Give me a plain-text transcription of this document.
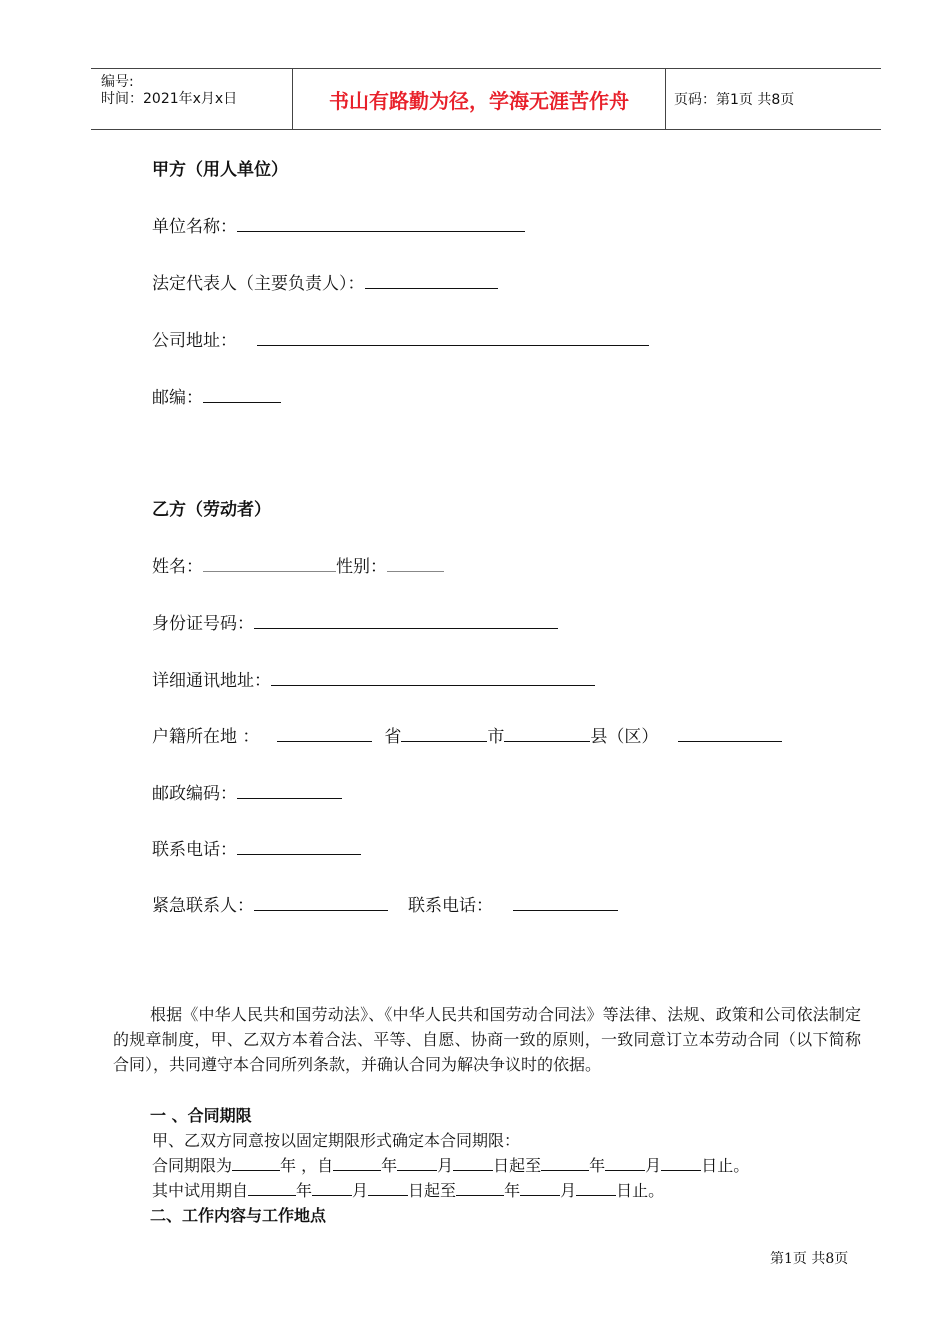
编号:
时间：2021年x月x日	书山有路勤为径，学海无涯苦作舟	页码：第1页 共8页
甲方（用人单位）
单位名称：
法定代表人（主要负责人）：
公司地址：
邮编：
乙方（劳动者）
姓名：	性别：
身份证号码：
详细通讯地址：
户籍所在地 ：	省	市	县（区）
邮政编码：
联系电话：
紧急联系人：	联系电话：
根据《中华人民共和国劳动法》、《中华人民共和国劳动合同法》等法律、法规、政策和公司依法制定的规章制度，甲、乙双方本着合法、平等、自愿、协商一致的原则，一致同意订立本劳动合同（以下简称合同），共同遵守本合同所列条款，并确认合同为解决争议时的依据。
一 、合同期限
甲、乙双方同意按以固定期限形式确定本合同期限：
合同期限为	年 ，自	年	月	日起至	年	月	日止。
其中试用期自	年	月	日起至	年	月	日止。
二、工作内容与工作地点
第1页 共8页
